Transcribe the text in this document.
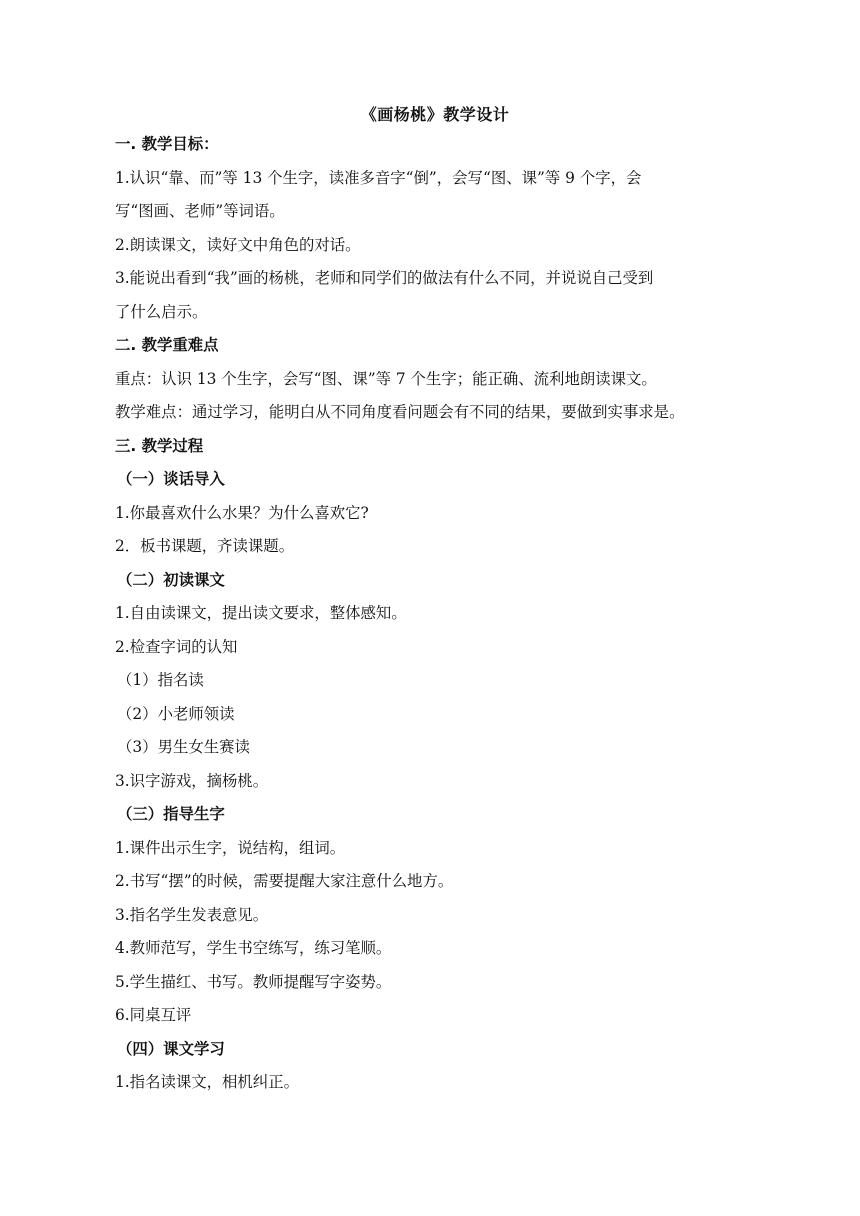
《画杨桃》教学设计

一. 教学目标：

1.认识“靠、而”等 13 个生字，读准多音字“倒”，会写“图、课”等 9 个字，会

写“图画、老师”等词语。

2.朗读课文，读好文中角色的对话。

3.能说出看到“我”画的杨桃，老师和同学们的做法有什么不同，并说说自己受到

了什么启示。

二. 教学重难点

重点：认识 13 个生字，会写“图、课”等 7 个生字；能正确、流利地朗读课文。

教学难点：通过学习，能明白从不同角度看问题会有不同的结果，要做到实事求是。

三. 教学过程

（一）谈话导入

1.你最喜欢什么水果？为什么喜欢它?

2．板书课题，齐读课题。

（二）初读课文

1.自由读课文，提出读文要求，整体感知。

2.检查字词的认知

（1）指名读

（2）小老师领读

（3）男生女生赛读

3.识字游戏，摘杨桃。

（三）指导生字

1.课件出示生字，说结构，组词。

2.书写“摆”的时候，需要提醒大家注意什么地方。

3.指名学生发表意见。

4.教师范写，学生书空练写，练习笔顺。

5.学生描红、书写。教师提醒写字姿势。

6.同桌互评

（四）课文学习

1.指名读课文，相机纠正。
